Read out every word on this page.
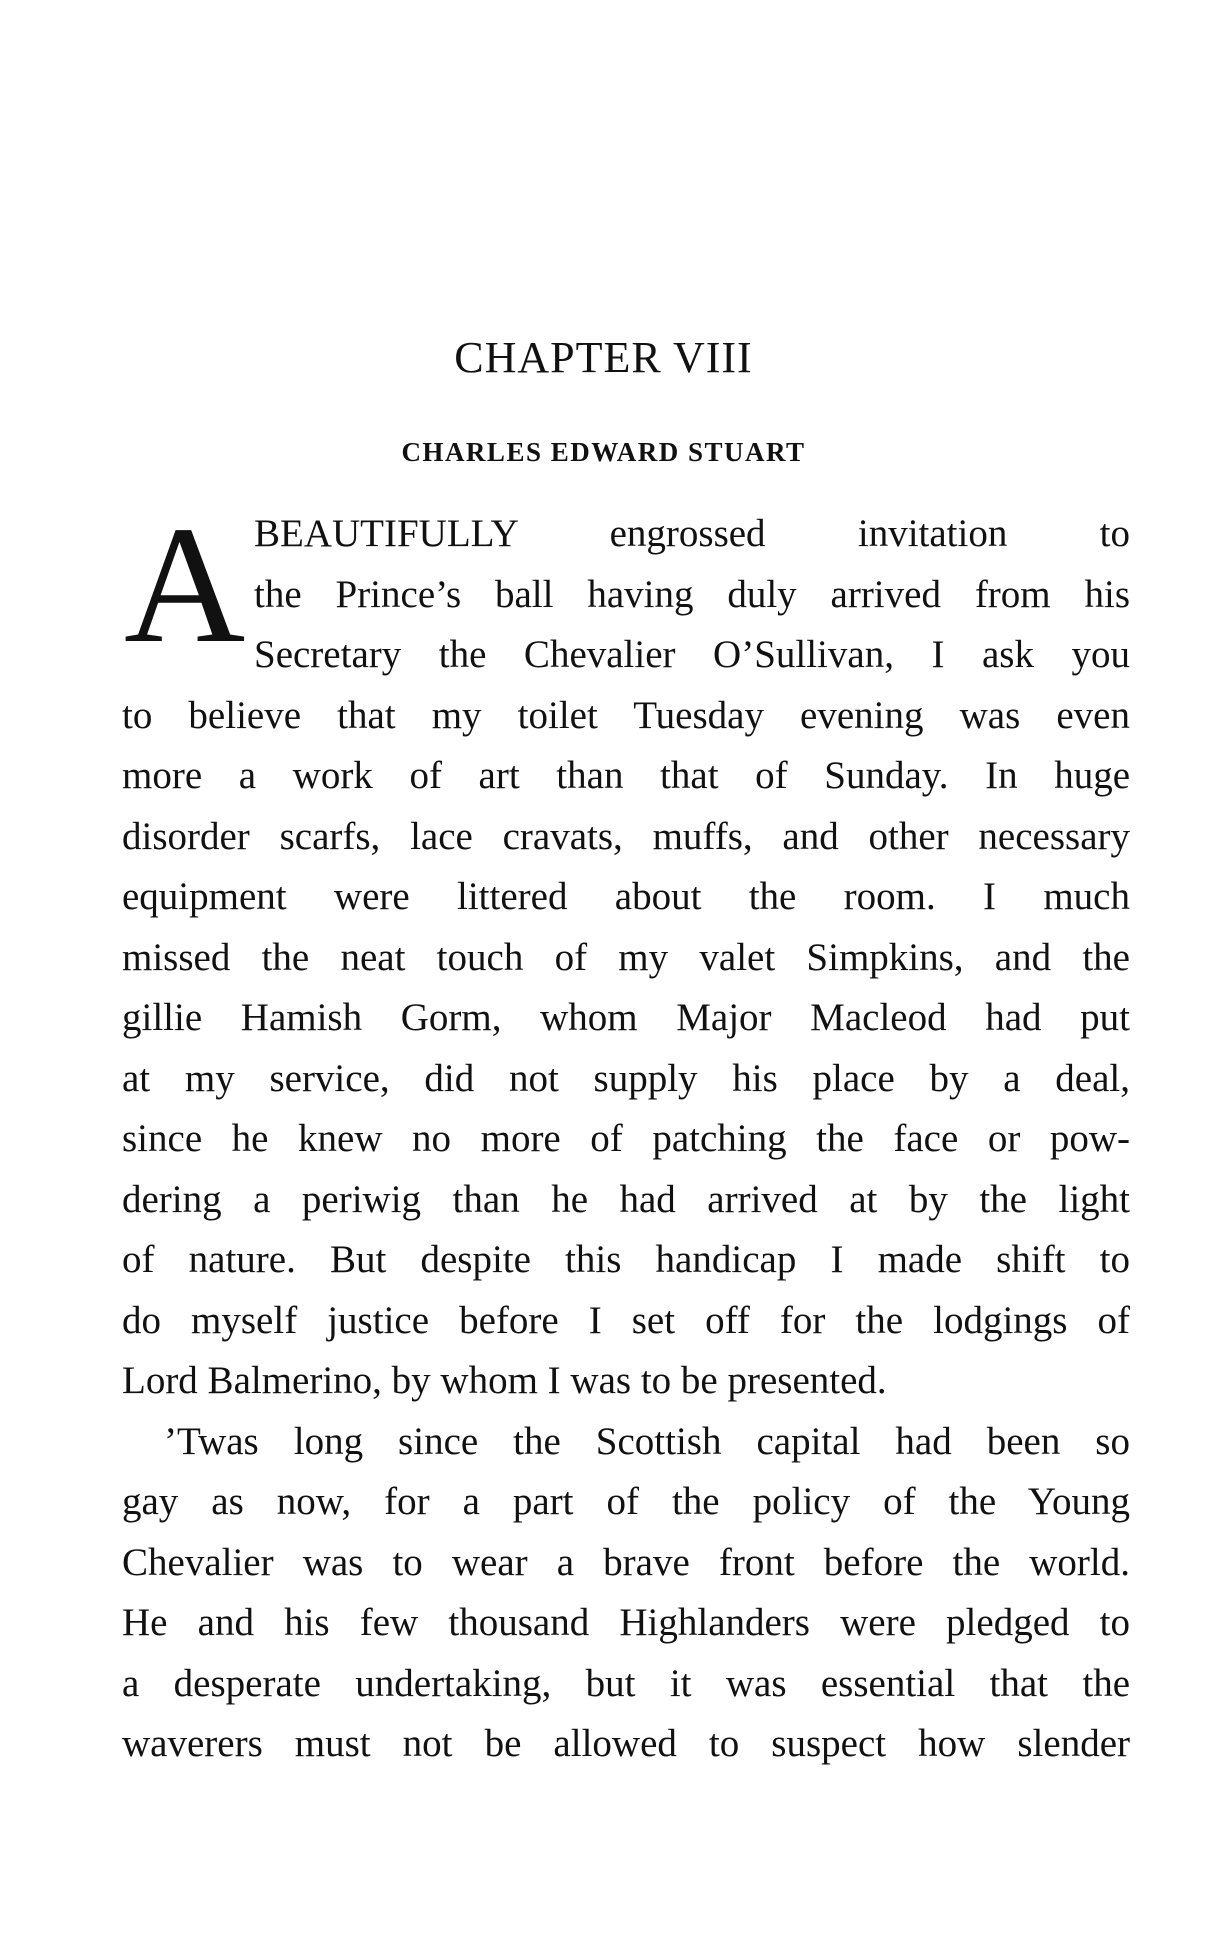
CHAPTER VIII
CHARLES EDWARD STUART
A BEAUTIFULLY engrossed invitation to
the Prince’s ball having duly arrived from his
Secretary the Chevalier O’Sullivan, I ask you
to believe that my toilet Tuesday evening was even
more a work of art than that of Sunday. In huge
disorder scarfs, lace cravats, muffs, and other necessary
equipment were littered about the room. I much
missed the neat touch of my valet Simpkins, and the
gillie Hamish Gorm, whom Major Macleod had put
at my service, did not supply his place by a deal,
since he knew no more of patching the face or pow-
dering a periwig than he had arrived at by the light
of nature. But despite this handicap I made shift to
do myself justice before I set off for the lodgings of
Lord Balmerino, by whom I was to be presented.
’Twas long since the Scottish capital had been so
gay as now, for a part of the policy of the Young
Chevalier was to wear a brave front before the world.
He and his few thousand Highlanders were pledged to
a desperate undertaking, but it was essential that the
waverers must not be allowed to suspect how slender
